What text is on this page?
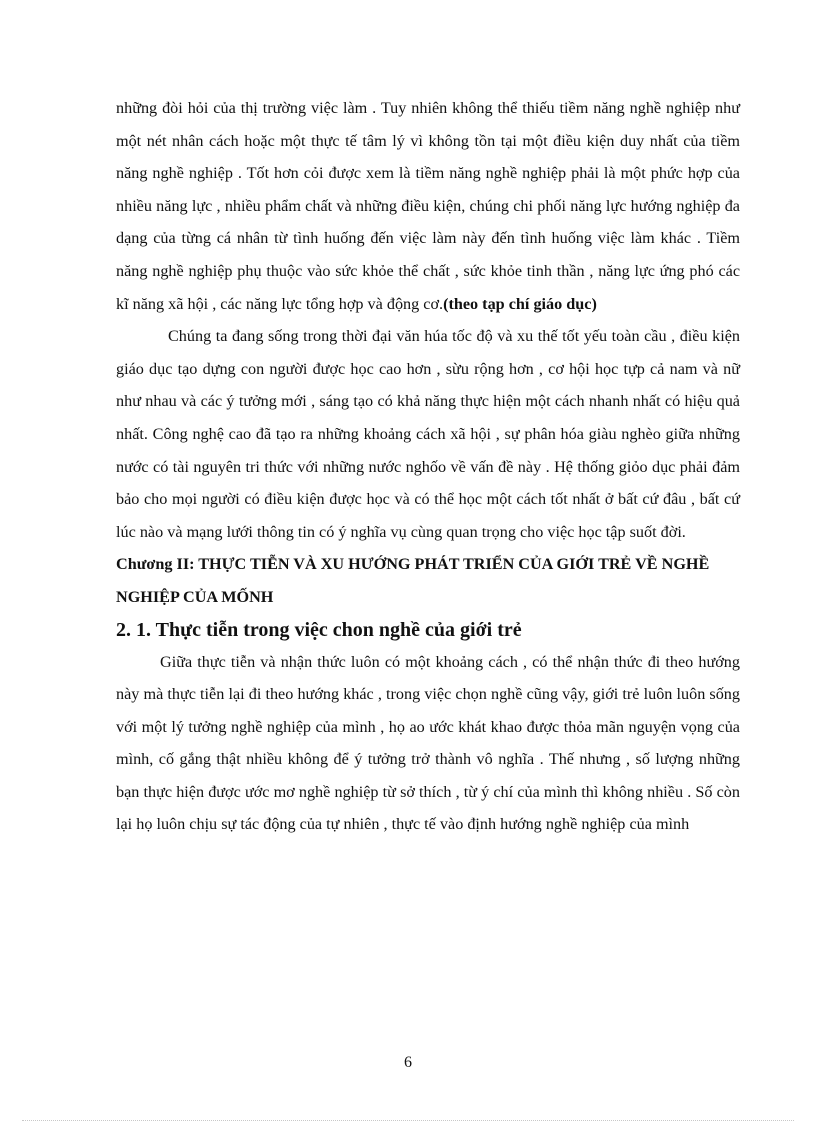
những đòi hỏi của thị trường việc làm . Tuy nhiên không thể thiếu tiềm năng nghề nghiệp như một nét nhân cách hoặc một thực tế tâm lý vì không tồn tại một điều kiện duy nhất của tiềm năng nghề nghiệp . Tốt hơn cỏi được xem là tiềm năng nghề nghiệp phải là một phức hợp của nhiều năng lực , nhiều phẩm chất và những điều kiện, chúng chi phối năng lực hướng nghiệp đa dạng của từng cá nhân từ tình huống đến việc làm này đến tình huống việc làm khác . Tiềm năng nghề nghiệp phụ thuộc vào sức khỏe thể chất , sức khỏe tinh thần , năng lực ứng phó các kĩ năng xã hội , các năng lực tổng hợp và động cơ.(theo tạp chí giáo dục)

Chúng ta đang sống trong thời đại văn húa tốc độ và xu thế tốt yếu toàn cầu , điều kiện giáo dục tạo dựng con người được học cao hơn , sừu rộng hơn , cơ hội học tựp cả nam và nữ như nhau và các ý tưởng mới , sáng tạo có khả năng thực hiện một cách nhanh nhất có hiệu quả nhất. Công nghệ cao đã tạo ra những khoảng cách xã hội , sự phân hóa giàu nghèo giữa những nước có tài nguyên tri thức với những nước nghốo về vấn đề này . Hệ thống giỏo dục phải đảm bảo cho mọi người có điều kiện được học và có thể học một cách tốt nhất ở bất cứ đâu , bất cứ lúc nào và mạng lưới thông tin có ý nghĩa vụ cùng quan trọng cho việc học tập suốt đời.

Chương II: THỰC TIỄN VÀ XU HƯỚNG PHÁT TRIỂN CỦA GIỚI TRẺ VỀ NGHỀ NGHIỆP CỦA MỐNH

2. 1. Thực tiễn trong việc chon nghề của giới trẻ

Giữa thực tiễn và nhận thức luôn có một khoảng cách , có thể nhận thức đi theo hướng này mà thực tiễn lại đi theo hướng khác , trong việc chọn nghề cũng vậy, giới trẻ luôn luôn sống với một lý tưởng nghề nghiệp của mình , họ ao ước khát khao được thỏa mãn nguyện vọng của mình, cố gắng thật nhiều không để ý tưởng trở thành vô nghĩa . Thế nhưng , số lượng những bạn thực hiện được ước mơ nghề nghiệp từ sở thích , từ ý chí của mình thì không nhiều . Số còn lại họ luôn chịu sự tác động của tự nhiên , thực tế vào định hướng nghề nghiệp của mình

6
